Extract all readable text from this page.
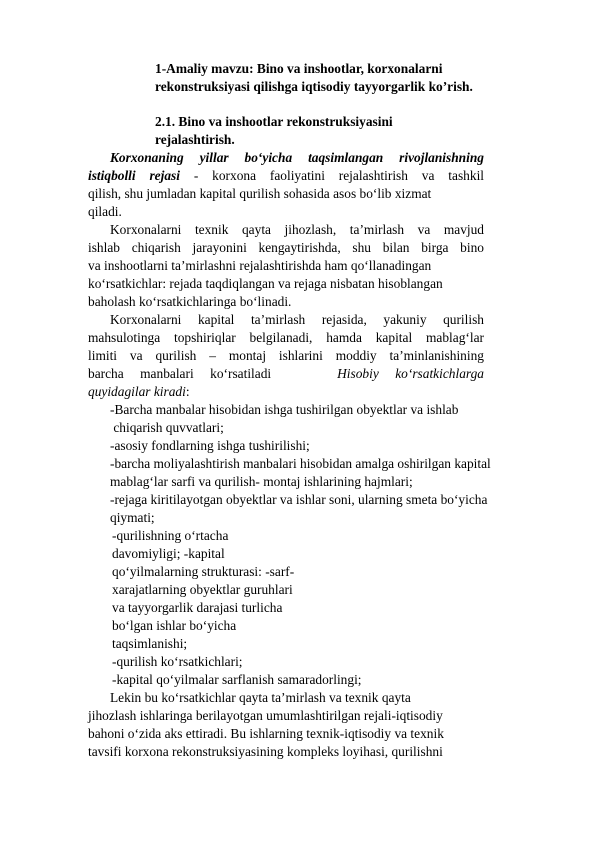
1-Amaliy mavzu: Bino va inshootlar, korxonalarni
rekonstruksiyasi qilishga iqtisodiy tayyorgarlik ko’rish.
2.1. Bino va inshootlar rekonstruksiyasini
rejalashtirish.
Korxonaning yillar bo‘yicha taqsimlangan rivojlanishning
istiqbolli rejasi - korxona faoliyatini rejalashtirish va tashkil
qilish, shu jumladan kapital qurilish sohasida asos bo‘lib xizmat
qiladi.
Korxonalarni texnik qayta jihozlash, ta’mirlash va mavjud
ishlab chiqarish jarayonini kengaytirishda, shu bilan birga bino
va inshootlarni ta’mirlashni rejalashtirishda ham qo‘llanadingan
ko‘rsatkichlar: rejada taqdiqlangan va rejaga nisbatan hisoblangan
baholash ko‘rsatkichlaringa bo‘linadi.
Korxonalarni kapital ta’mirlash rejasida, yakuniy qurilish
mahsulotinga topshiriqlar belgilanadi, hamda kapital mablag‘lar
limiti va qurilish – montaj ishlarini moddiy ta’minlanishining
barcha manbalari ko‘rsatiladi	Hisobiy ko‘rsatkichlarga
quyidagilar kiradi:
-Barcha manbalar hisobidan ishga tushirilgan obyektlar va ishlab
chiqarish quvvatlari;
-asosiy fondlarning ishga tushirilishi;
-barcha moliyalashtirish manbalari hisobidan amalga oshirilgan kapital
mablag‘lar sarfi va qurilish- montaj ishlarining hajmlari;
-rejaga kiritilayotgan obyektlar va ishlar soni, ularning smeta bo‘yicha
qiymati;
-qurilishning o‘rtacha
davomiyligi; -kapital
qo‘yilmalarning strukturasi: -sarf-
xarajatlarning obyektlar guruhlari
va tayyorgarlik darajasi turlicha
bo‘lgan ishlar bo‘yicha
taqsimlanishi;
-qurilish ko‘rsatkichlari;
-kapital qo‘yilmalar sarflanish samaradorlingi;
Lekin bu ko‘rsatkichlar qayta ta’mirlash va texnik qayta
jihozlash ishlaringa berilayotgan umumlashtirilgan rejali-iqtisodiy
bahoni o‘zida aks ettiradi. Bu ishlarning texnik-iqtisodiy va texnik
tavsifi korxona rekonstruksiyasining kompleks loyihasi, qurilishni
